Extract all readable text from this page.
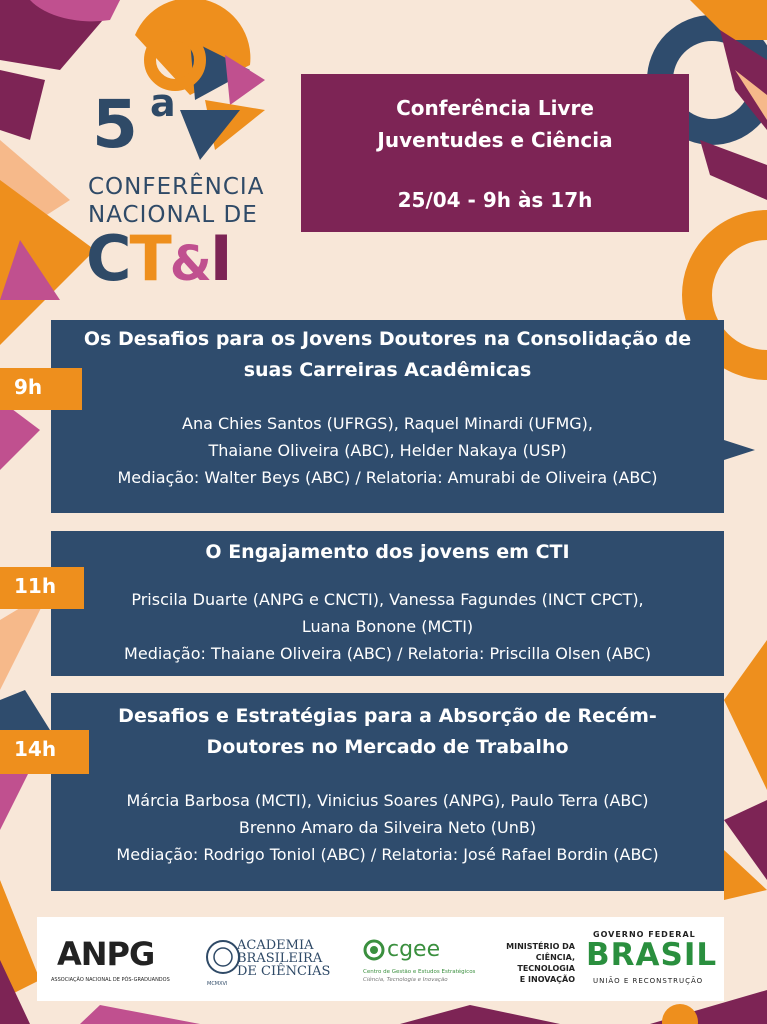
5 a
CONFERÊNCIA
NACIONAL DE
CT&I
Conferência Livre
Juventudes e Ciência
25/04 - 9h às 17h
Os Desafios para os Jovens Doutores na Consolidação de
suas Carreiras Acadêmicas
Ana Chies Santos (UFRGS), Raquel Minardi (UFMG),
Thaiane Oliveira (ABC), Helder Nakaya (USP)
Mediação: Walter Beys (ABC) / Relatoria: Amurabi de Oliveira (ABC)
9h
O Engajamento dos jovens em CTI
Priscila Duarte (ANPG e CNCTI), Vanessa Fagundes (INCT CPCT),
Luana Bonone (MCTI)
Mediação: Thaiane Oliveira (ABC) / Relatoria: Priscilla Olsen (ABC)
11h
Desafios e Estratégias para a Absorção de Recém-
Doutores no Mercado de Trabalho
Márcia Barbosa (MCTI), Vinicius Soares (ANPG), Paulo Terra (ABC)
Brenno Amaro da Silveira Neto (UnB)
Mediação: Rodrigo Toniol (ABC) / Relatoria: José Rafael Bordin (ABC)
14h
ANPG
ASSOCIAÇÃO NACIONAL DE PÓS-GRADUANDOS
ACADEMIA
BRASILEIRA
DE CIÊNCIAS
MCMXVI
cgee
Centro de Gestão e Estudos Estratégicos
Ciência, Tecnologia e Inovação
MINISTÉRIO DA
CIÊNCIA, TECNOLOGIA
E INOVAÇÃO
GOVERNO FEDERAL
BRASIL
UNIÃO E RECONSTRUÇÃO
